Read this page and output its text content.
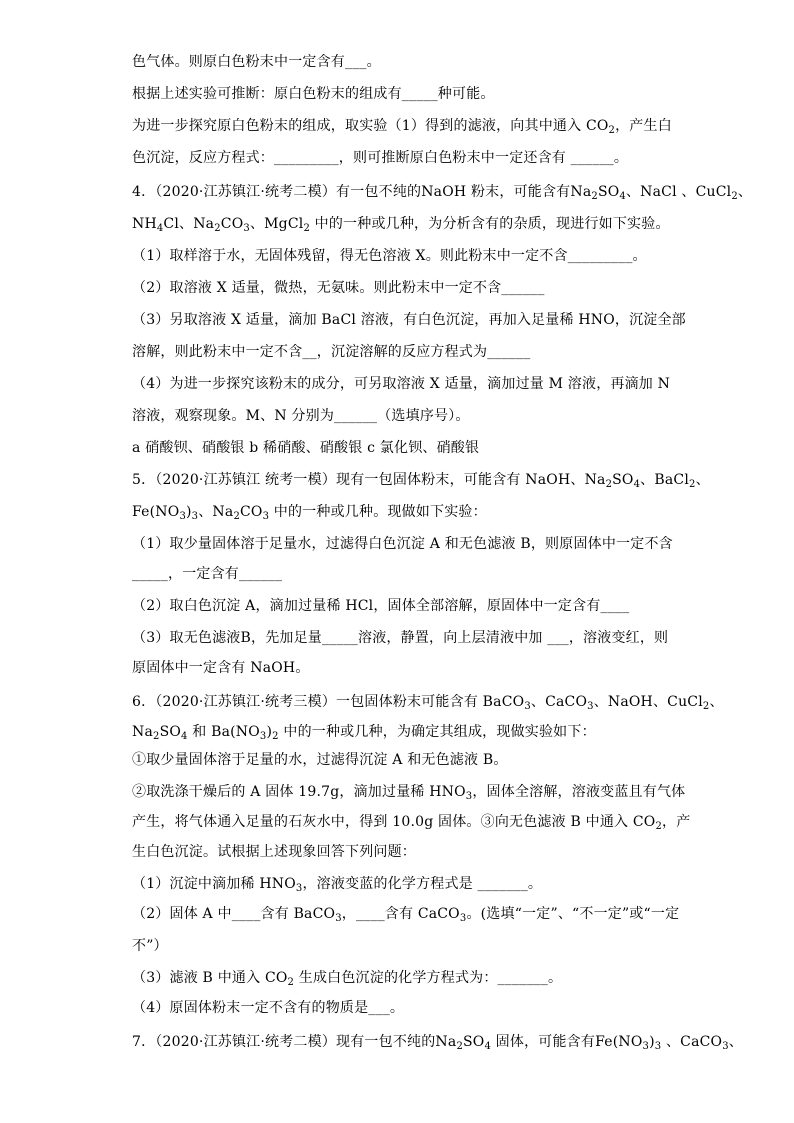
色气体。则原白色粉末中一定含有___。
根据上述实验可推断：原白色粉末的组成有_____种可能。
为进一步探究原白色粉末的组成，取实验（1）得到的滤液，向其中通入 $CO_2$，产生白
色沉淀，反应方程式：_________，则可推断原白色粉末中一定还含有 ______。
4．（2020·江苏镇江·统考二模）有一包不纯的NaOH 粉末，可能含有$Na_2SO_4$、NaCl 、CuCl$_2$、
$NH_4Cl$、$Na_2CO_3$、MgCl$_2$ 中的一种或几种，为分析含有的杂质，现进行如下实验。
（1）取样溶于水，无固体残留，得无色溶液 X。则此粉末中一定不含_________。
（2）取溶液 X 适量，微热，无氨味。则此粉末中一定不含______
（3）另取溶液 X 适量，滴加 BaCl 溶液，有白色沉淀，再加入足量稀 HNO，沉淀全部
溶解，则此粉末中一定不含__，沉淀溶解的反应方程式为______
（4）为进一步探究该粉末的成分，可另取溶液 X 适量，滴加过量 M 溶液，再滴加 N
溶液，观察现象。M、N 分别为______（选填序号）。
a 硝酸钡、硝酸银 b 稀硝酸、硝酸银 c 氯化钡、硝酸银
5．（2020·江苏镇江 统考一模）现有一包固体粉末，可能含有 NaOH、$Na_2SO_4$、BaCl$_2$、
$Fe(NO_3)_3$、$Na_2CO_3$ 中的一种或几种。现做如下实验：
（1）取少量固体溶于足量水，过滤得白色沉淀 A 和无色滤液 B，则原固体中一定不含
_____，一定含有______
（2）取白色沉淀 A，滴加过量稀 HCl，固体全部溶解，原固体中一定含有____
（3）取无色滤液B，先加足量_____溶液，静置，向上层清液中加 ___，溶液变红，则
原固体中一定含有 NaOH。
6．（2020·江苏镇江·统考三模）一包固体粉末可能含有 BaCO$_3$、CaCO$_3$、NaOH、CuCl$_2$、
$Na_2SO_4$ 和 $Ba(NO_3)_2$ 中的一种或几种，为确定其组成，现做实验如下：
①取少量固体溶于足量的水，过滤得沉淀 A 和无色滤液 B。
②取洗涤干燥后的 A 固体 19.7g，滴加过量稀 $HNO_3$，固体全溶解，溶液变蓝且有气体
产生，将气体通入足量的石灰水中，得到 10.0g 固体。③向无色滤液 B 中通入 $CO_2$，产
生白色沉淀。试根据上述现象回答下列问题：
（1）沉淀中滴加稀 $HNO_3$，溶液变蓝的化学方程式是 _______。
（2）固体 A 中____含有 BaCO$_3$，____含有 CaCO$_3$。(选填“一定”、“不一定”或“一定
不”）
（3）滤液 B 中通入 $CO_2$ 生成白色沉淀的化学方程式为：_______。
（4）原固体粉末一定不含有的物质是___。
7．（2020·江苏镇江·统考二模）现有一包不纯的$Na_2SO_4$ 固体，可能含有$Fe(NO_3)_3$ 、CaCO$_3$、
